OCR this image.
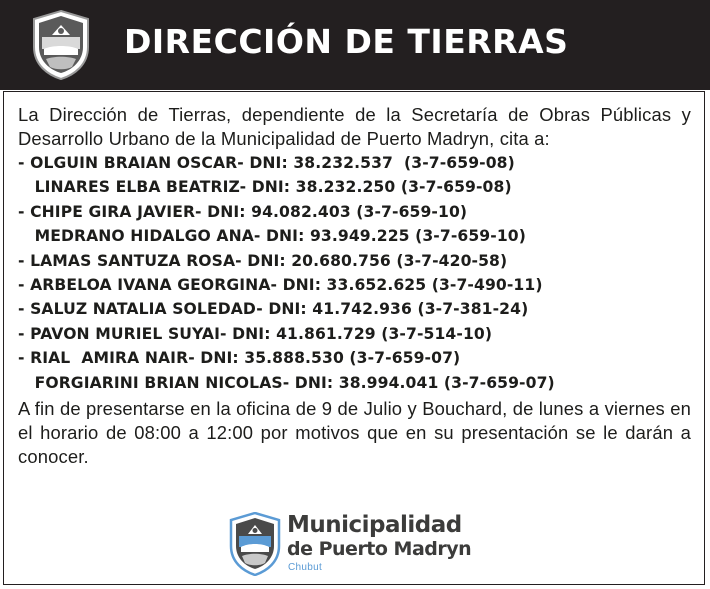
DIRECCIÓN DE TIERRAS
La Dirección de Tierras, dependiente de la Secretaría de Obras Públicas y Desarrollo Urbano de la Municipalidad de Puerto Madryn, cita a:
- OLGUIN BRAIAN OSCAR- DNI: 38.232.537  (3-7-659-08)
LINARES ELBA BEATRIZ- DNI: 38.232.250 (3-7-659-08)
- CHIPE GIRA JAVIER- DNI: 94.082.403 (3-7-659-10)
MEDRANO HIDALGO ANA- DNI: 93.949.225 (3-7-659-10)
- LAMAS SANTUZA ROSA- DNI: 20.680.756 (3-7-420-58)
- ARBELOA IVANA GEORGINA- DNI: 33.652.625 (3-7-490-11)
- SALUZ NATALIA SOLEDAD- DNI: 41.742.936 (3-7-381-24)
- PAVON MURIEL SUYAI- DNI: 41.861.729 (3-7-514-10)
- RIAL  AMIRA NAIR- DNI: 35.888.530 (3-7-659-07)
FORGIARINI BRIAN NICOLAS- DNI: 38.994.041 (3-7-659-07)
A fin de presentarse en la oficina de 9 de Julio y Bouchard, de lunes a viernes en el horario de 08:00 a 12:00 por motivos que en su presentación se le darán a conocer.
Municipalidad
de Puerto Madryn
Chubut
